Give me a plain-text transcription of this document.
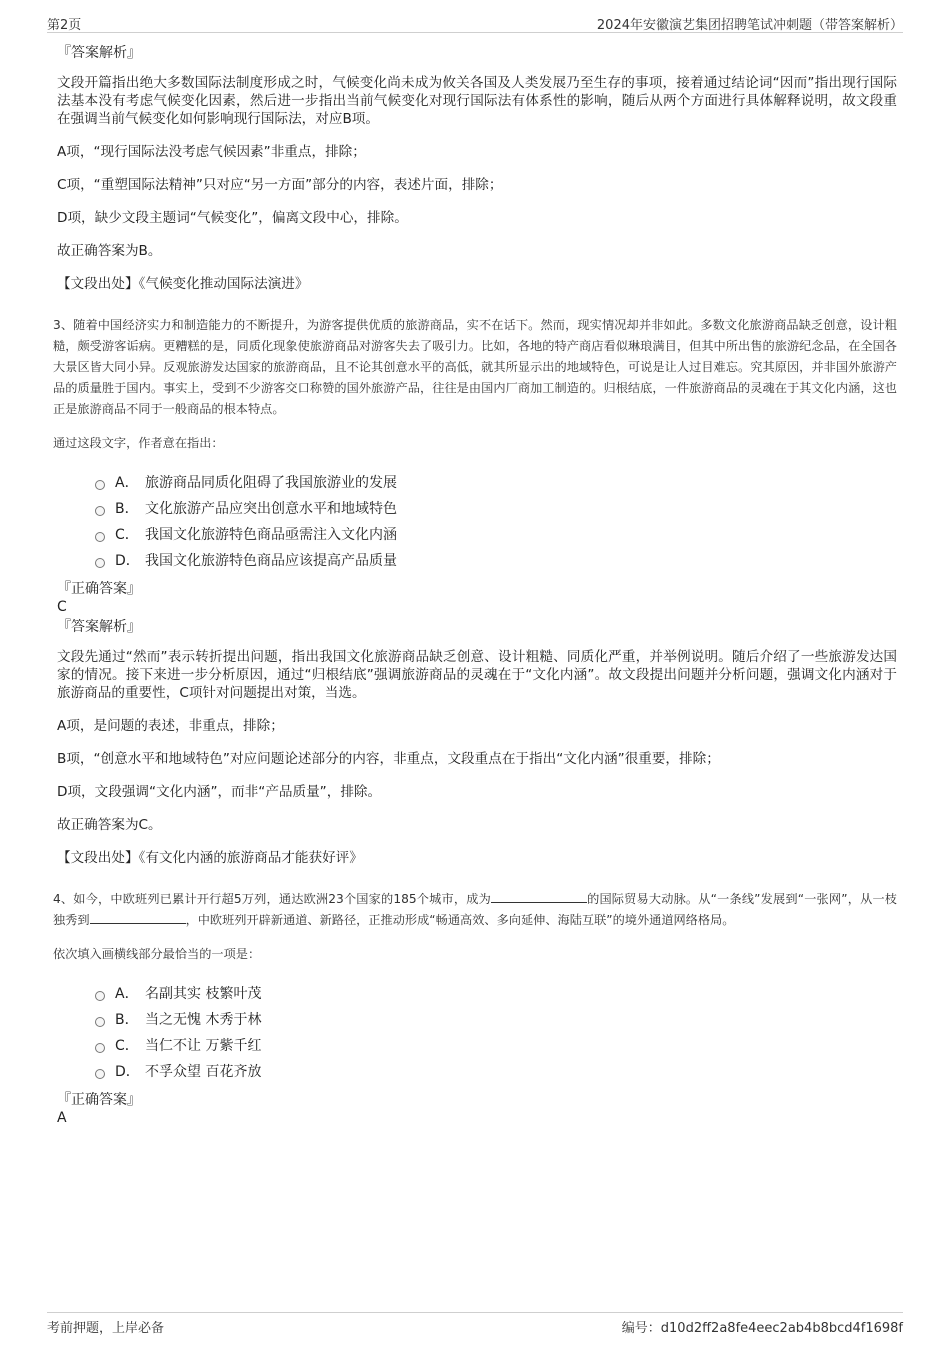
第2页	2024年安徽演艺集团招聘笔试冲刺题（带答案解析）
『答案解析』

文段开篇指出绝大多数国际法制度形成之时，气候变化尚未成为攸关各国及人类发展乃至生存的事项，接着通过结论词“因而”指出现行国际法基本没有考虑气候变化因素，然后进一步指出当前气候变化对现行国际法有体系性的影响，随后从两个方面进行具体解释说明，故文段重在强调当前气候变化如何影响现行国际法，对应B项。

A项，“现行国际法没考虑气候因素”非重点，排除；

C项，“重塑国际法精神”只对应“另一方面”部分的内容，表述片面，排除；

D项，缺少文段主题词“气候变化”，偏离文段中心，排除。

故正确答案为B。

【文段出处】《气候变化推动国际法演进》

3、随着中国经济实力和制造能力的不断提升，为游客提供优质的旅游商品，实不在话下。然而，现实情况却并非如此。多数文化旅游商品缺乏创意，设计粗糙，颇受游客诟病。更糟糕的是，同质化现象使旅游商品对游客失去了吸引力。比如，各地的特产商店看似琳琅满目，但其中所出售的旅游纪念品，在全国各大景区皆大同小异。反观旅游发达国家的旅游商品，且不论其创意水平的高低，就其所显示出的地域特色，可说是让人过目难忘。究其原因，并非国外旅游产品的质量胜于国内。事实上，受到不少游客交口称赞的国外旅游产品，往往是由国内厂商加工制造的。归根结底，一件旅游商品的灵魂在于其文化内涵，这也正是旅游商品不同于一般商品的根本特点。
通过这段文字，作者意在指出：
A． 旅游商品同质化阻碍了我国旅游业的发展
B． 文化旅游产品应突出创意水平和地域特色
C． 我国文化旅游特色商品亟需注入文化内涵
D． 我国文化旅游特色商品应该提高产品质量
『正确答案』
C
『答案解析』

文段先通过“然而”表示转折提出问题，指出我国文化旅游商品缺乏创意、设计粗糙、同质化严重，并举例说明。随后介绍了一些旅游发达国家的情况。接下来进一步分析原因，通过“归根结底”强调旅游商品的灵魂在于“文化内涵”。故文段提出问题并分析问题，强调文化内涵对于旅游商品的重要性，C项针对问题提出对策，当选。

A项，是问题的表述，非重点，排除；

B项，“创意水平和地域特色”对应问题论述部分的内容，非重点，文段重点在于指出“文化内涵”很重要，排除；

D项，文段强调“文化内涵”，而非“产品质量”，排除。

故正确答案为C。

【文段出处】《有文化内涵的旅游商品才能获好评》

4、如今，中欧班列已累计开行超5万列，通达欧洲23个国家的185个城市，成为	的国际贸易大动脉。从“一条线”发展到“一张网”，从一枝独秀到	，中欧班列开辟新通道、新路径，正推动形成“畅通高效、多向延伸、海陆互联”的境外通道网络格局。
依次填入画横线部分最恰当的一项是：
A． 名副其实 枝繁叶茂
B． 当之无愧 木秀于林
C． 当仁不让 万紫千红
D． 不孚众望 百花齐放
『正确答案』
A
考前押题，上岸必备	编号：d10d2ff2a8fe4eec2ab4b8bcd4f1698f
